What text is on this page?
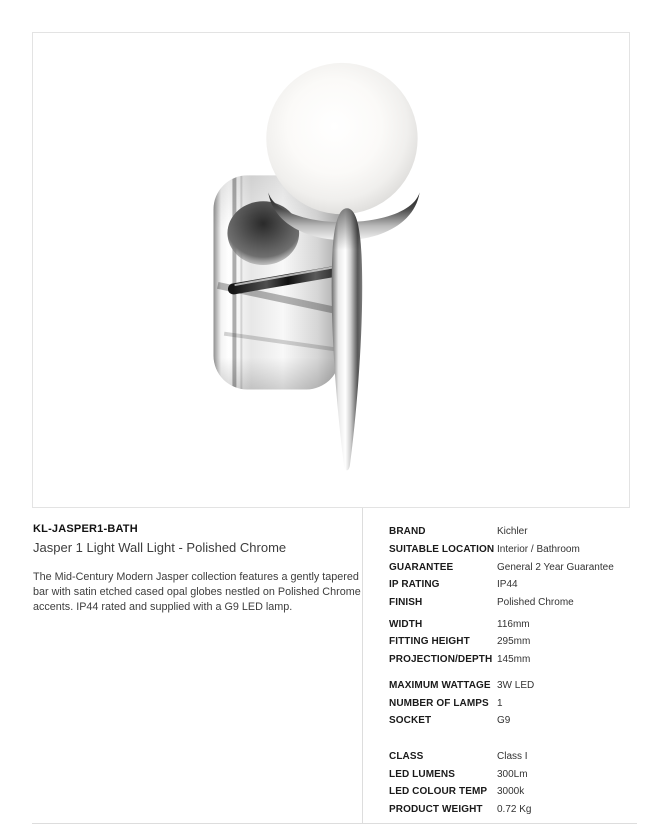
KL-JASPER1-BATH
Jasper 1 Light Wall Light - Polished Chrome
The Mid-Century Modern Jasper collection features a gently tapered bar with satin etched cased opal globes nestled on Polished Chrome accents. IP44 rated and supplied with a G9 LED lamp.
BRAND	Kichler
SUITABLE LOCATION Interior / Bathroom
GUARANTEE	General 2 Year Guarantee
IP RATING	IP44
FINISH	Polished Chrome
WIDTH	116mm
FITTING HEIGHT	295mm
PROJECTION/DEPTH 145mm
MAXIMUM WATTAGE 3W LED
NUMBER OF LAMPS 1
SOCKET	G9
CLASS	Class I
LED LUMENS	300Lm
LED COLOUR TEMP 3000k
PRODUCT WEIGHT	0.72 Kg
